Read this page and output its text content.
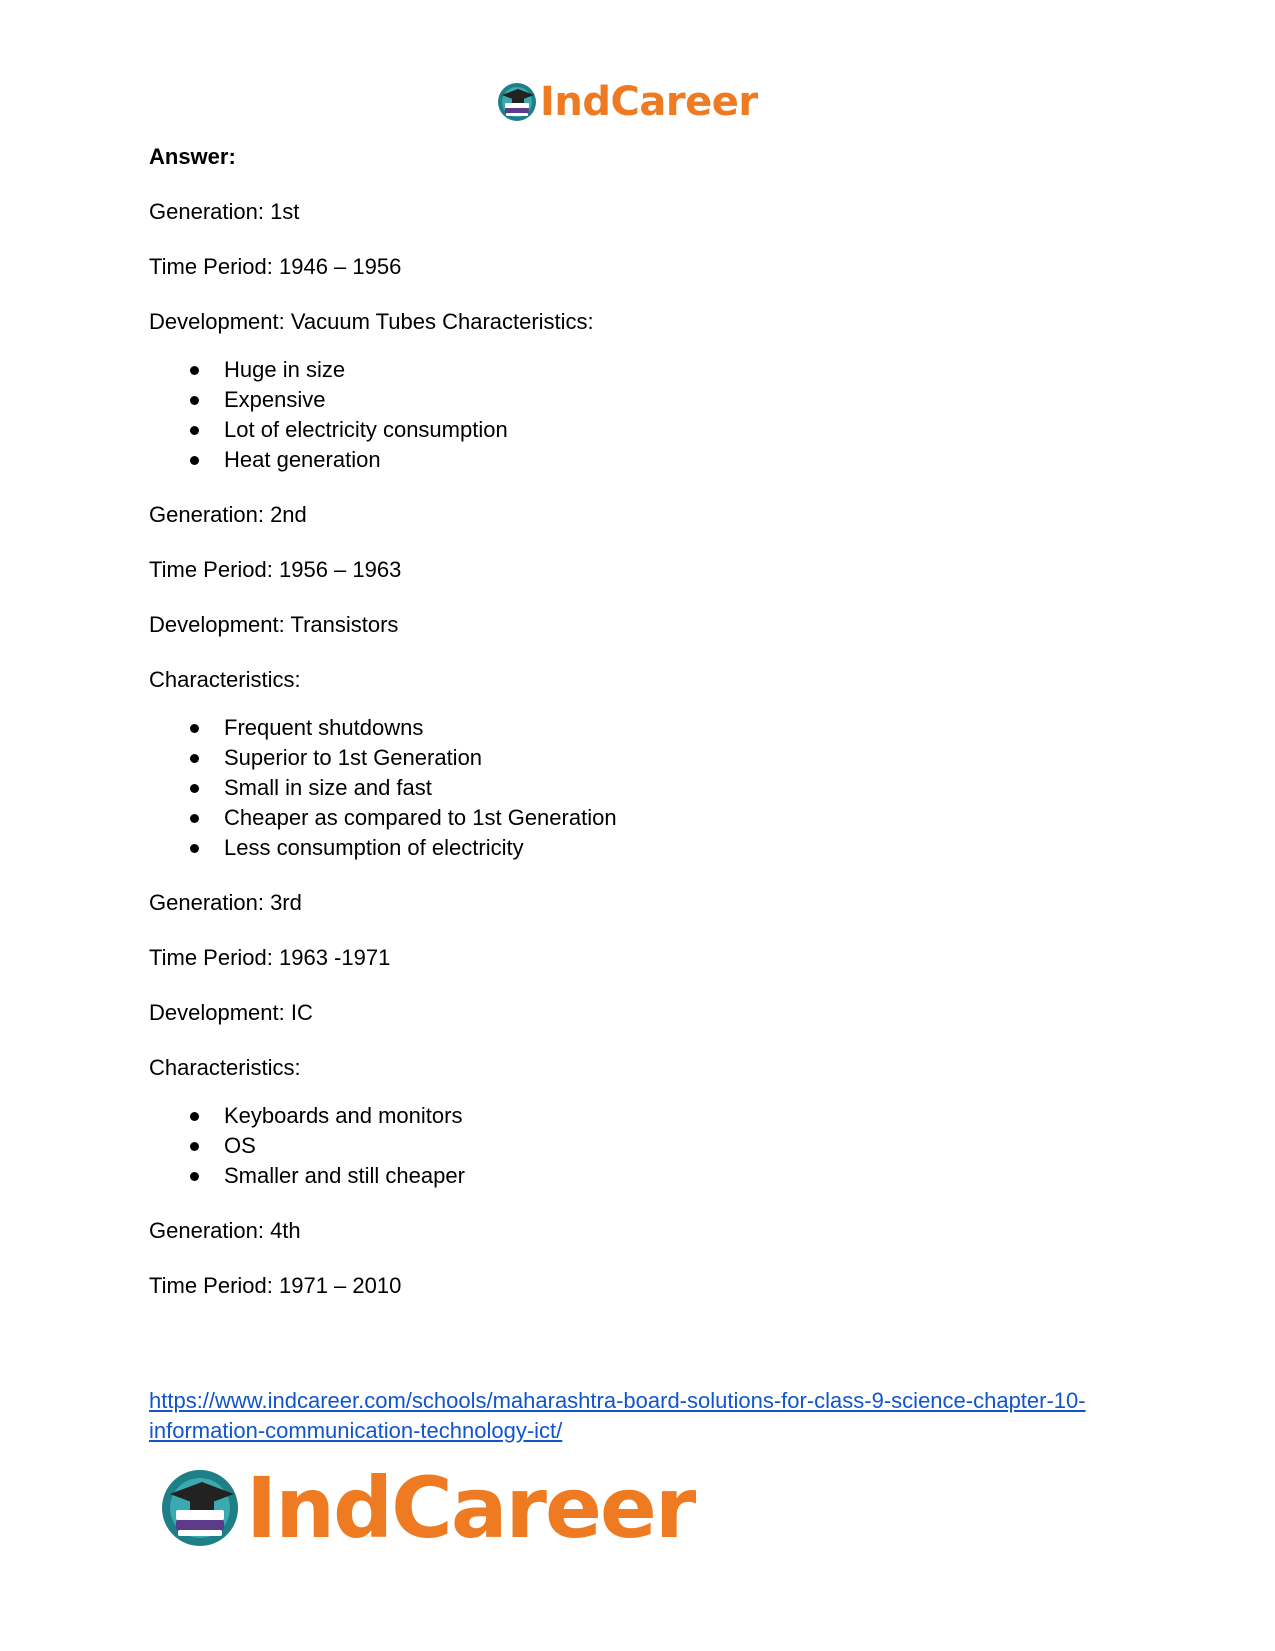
IndCareer

Answer:

Generation: 1st

Time Period: 1946 – 1956

Development: Vacuum Tubes Characteristics:

Huge in size
Expensive
Lot of electricity consumption
Heat generation

Generation: 2nd

Time Period: 1956 – 1963

Development: Transistors

Characteristics:

Frequent shutdowns
Superior to 1st Generation
Small in size and fast
Cheaper as compared to 1st Generation
Less consumption of electricity

Generation: 3rd

Time Period: 1963 -1971

Development: IC

Characteristics:

Keyboards and monitors
OS
Smaller and still cheaper

Generation: 4th

Time Period: 1971 – 2010

https://www.indcareer.com/schools/maharashtra-board-solutions-for-class-9-science-chapter-10-
information-communication-technology-ict/
IndCareer
